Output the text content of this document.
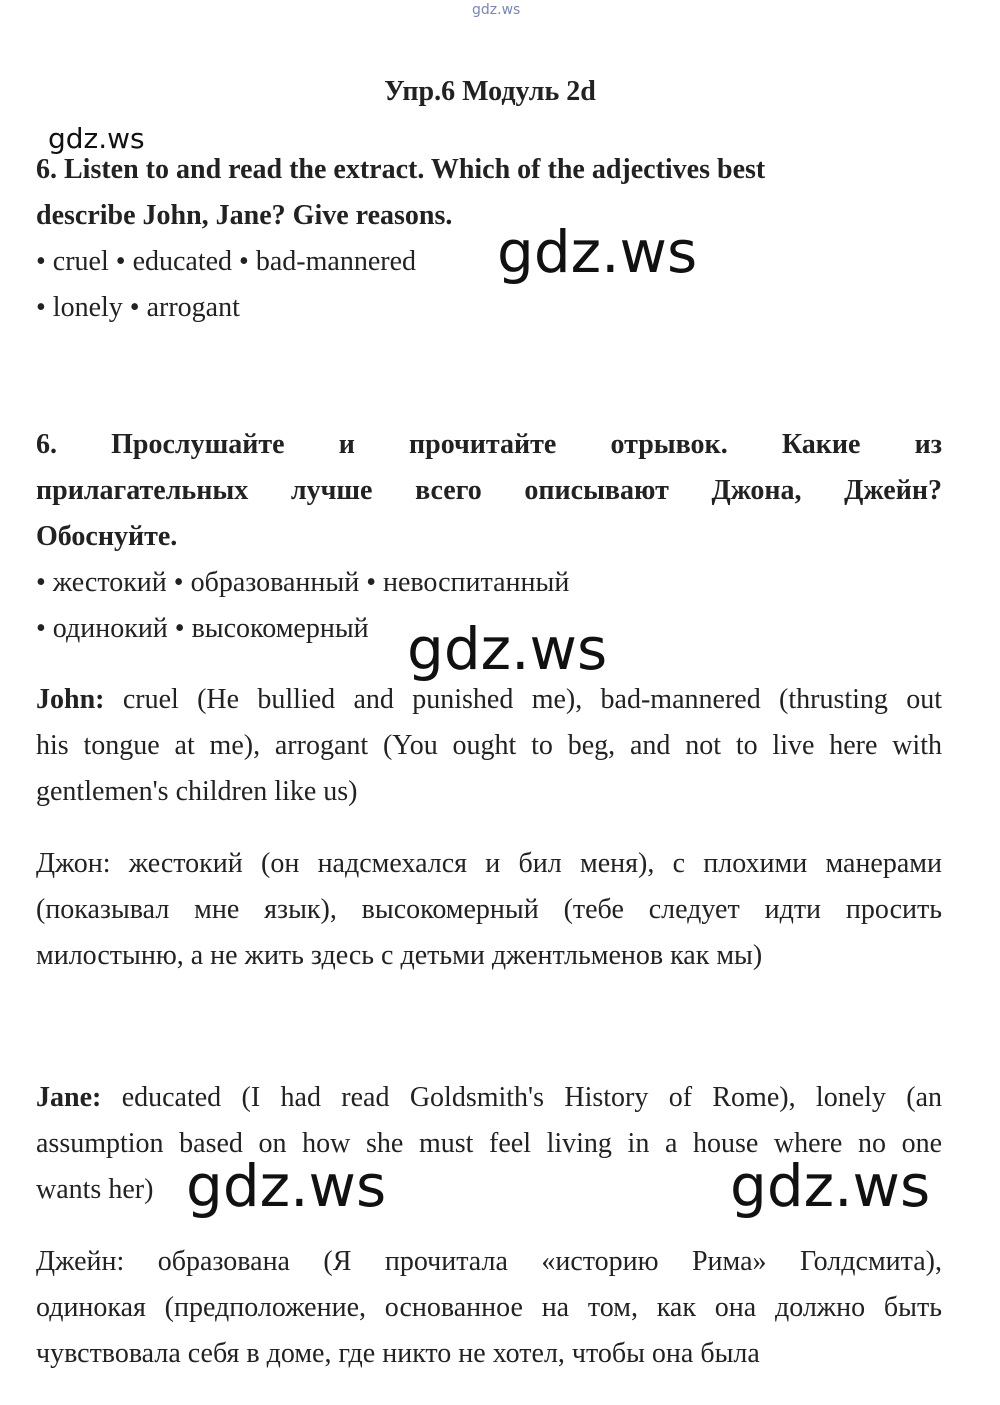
gdz.ws
gdz.ws
gdz.ws
gdz.ws
gdz.ws	gdz.ws
Упр.6 Модуль 2d

6. Listen to and read the extract. Which of the adjectives best

describe John, Jane? Give reasons.

• cruel • educated • bad-mannered

• lonely • arrogant

6. Прослушайте и прочитайте отрывок. Какие из

прилагательных лучше всего описывают Джона, Джейн?

Обоснуйте.

• жестокий • образованный • невоспитанный

• одинокий • высокомерный

John: cruel (He bullied and punished me), bad-mannered (thrusting out

his tongue at me), arrogant (You ought to beg, and not to live here with

gentlemen's children like us)

Джон: жестокий (он надсмехался и бил меня), с плохими манерами

(показывал мне язык), высокомерный (тебе следует идти просить

милостыню, а не жить здесь с детьми джентльменов как мы)

Jane: educated (I had read Goldsmith's History of Rome), lonely (an

assumption based on how she must feel living in a house where no one

wants her)

Джейн: образована (Я прочитала «историю Рима» Голдсмита),

одинокая (предположение, основанное на том, как она должно быть

чувствовала себя в доме, где никто не хотел, чтобы она была
